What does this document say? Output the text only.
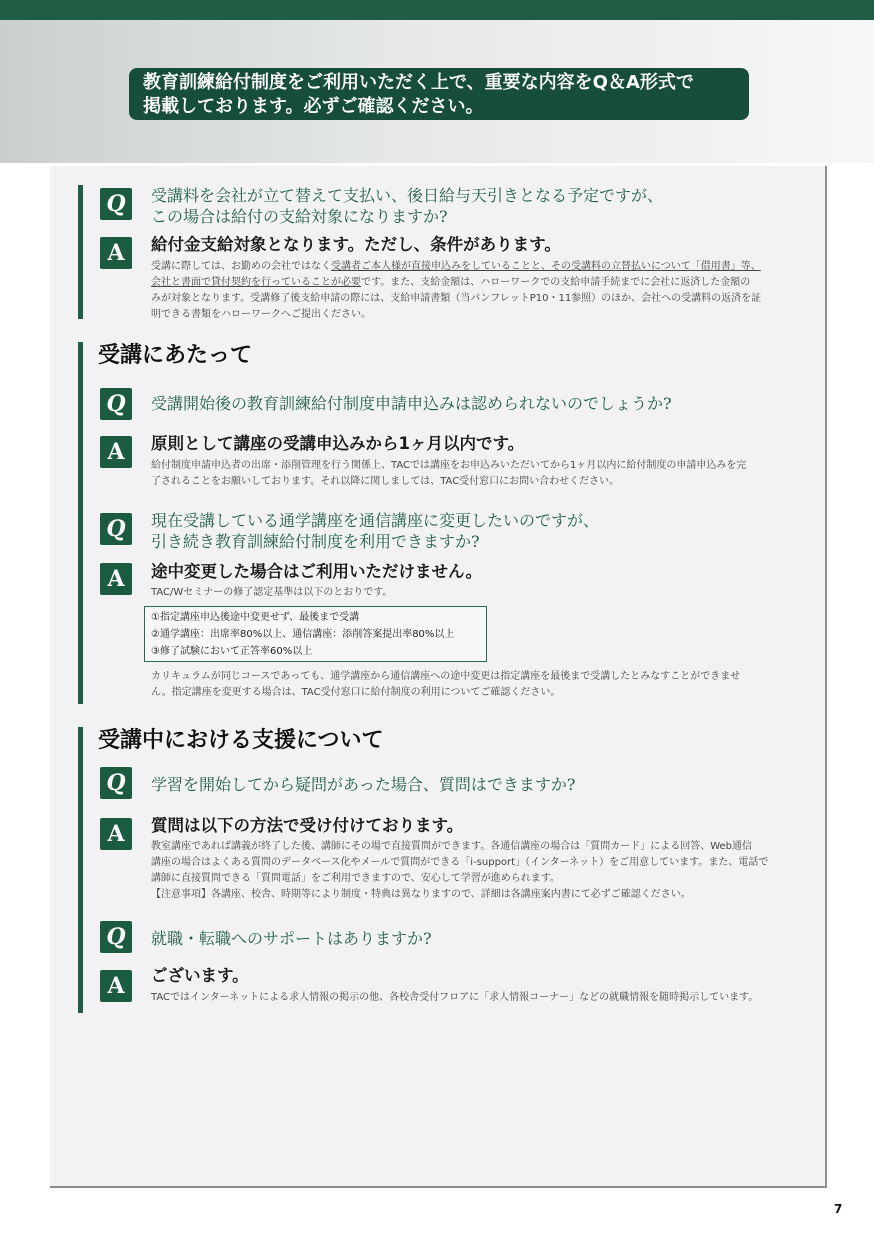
教育訓練給付制度をご利用いただく上で、重要な内容をQ＆A形式で
掲載しております。必ずご確認ください。
Q	受講料を会社が立て替えて支払い、後日給与天引きとなる予定ですが、
この場合は給付の支給対象になりますか?
A	給付金支給対象となります。ただし、条件があります。
受講に際しては、お勤めの会社ではなく受講者ご本人様が直接申込みをしていることと、その受講料の立替払いについて「借用書」等、
会社と書面で貸付契約を行っていることが必要です。また、支給金額は、ハローワークでの支給申請手続までに会社に返済した金額の
みが対象となります。受講修了後支給申請の際には、支給申請書類（当パンフレットP10・11参照）のほか、会社への受講料の返済を証
明できる書類をハローワークへご提出ください。
受講にあたって
Q	受講開始後の教育訓練給付制度申請申込みは認められないのでしょうか?
A	原則として講座の受講申込みから1ヶ月以内です。
給付制度申請申込者の出席・添削管理を行う関係上、TACでは講座をお申込みいただいてから1ヶ月以内に給付制度の申請申込みを完
了されることをお願いしております。それ以降に関しましては、TAC受付窓口にお問い合わせください。
Q	現在受講している通学講座を通信講座に変更したいのですが、
引き続き教育訓練給付制度を利用できますか?
A	途中変更した場合はご利用いただけません。
TAC/Wセミナーの修了認定基準は以下のとおりです。
①指定講座申込後途中変更せず、最後まで受講
②通学講座：出席率80%以上、通信講座：添削答案提出率80%以上
③修了試験において正答率60%以上
カリキュラムが同じコースであっても、通学講座から通信講座への途中変更は指定講座を最後まで受講したとみなすことができませ
ん。指定講座を変更する場合は、TAC受付窓口に給付制度の利用についてご確認ください。
受講中における支援について
Q	学習を開始してから疑問があった場合、質問はできますか?
A	質問は以下の方法で受け付けております。
教室講座であれば講義が終了した後、講師にその場で直接質問ができます。各通信講座の場合は「質問カード」による回答、Web通信
講座の場合はよくある質問のデータベース化やメールで質問ができる「i-support」（インターネット）をご用意しています。また、電話で
講師に直接質問できる「質問電話」をご利用できますので、安心して学習が進められます。
【注意事項】各講座、校舎、時期等により制度・特典は異なりますので、詳細は各講座案内書にて必ずご確認ください。
Q	就職・転職へのサポートはありますか?
A	ございます。
TACではインターネットによる求人情報の掲示の他、各校舎受付フロアに「求人情報コーナー」などの就職情報を随時掲示しています。
7
